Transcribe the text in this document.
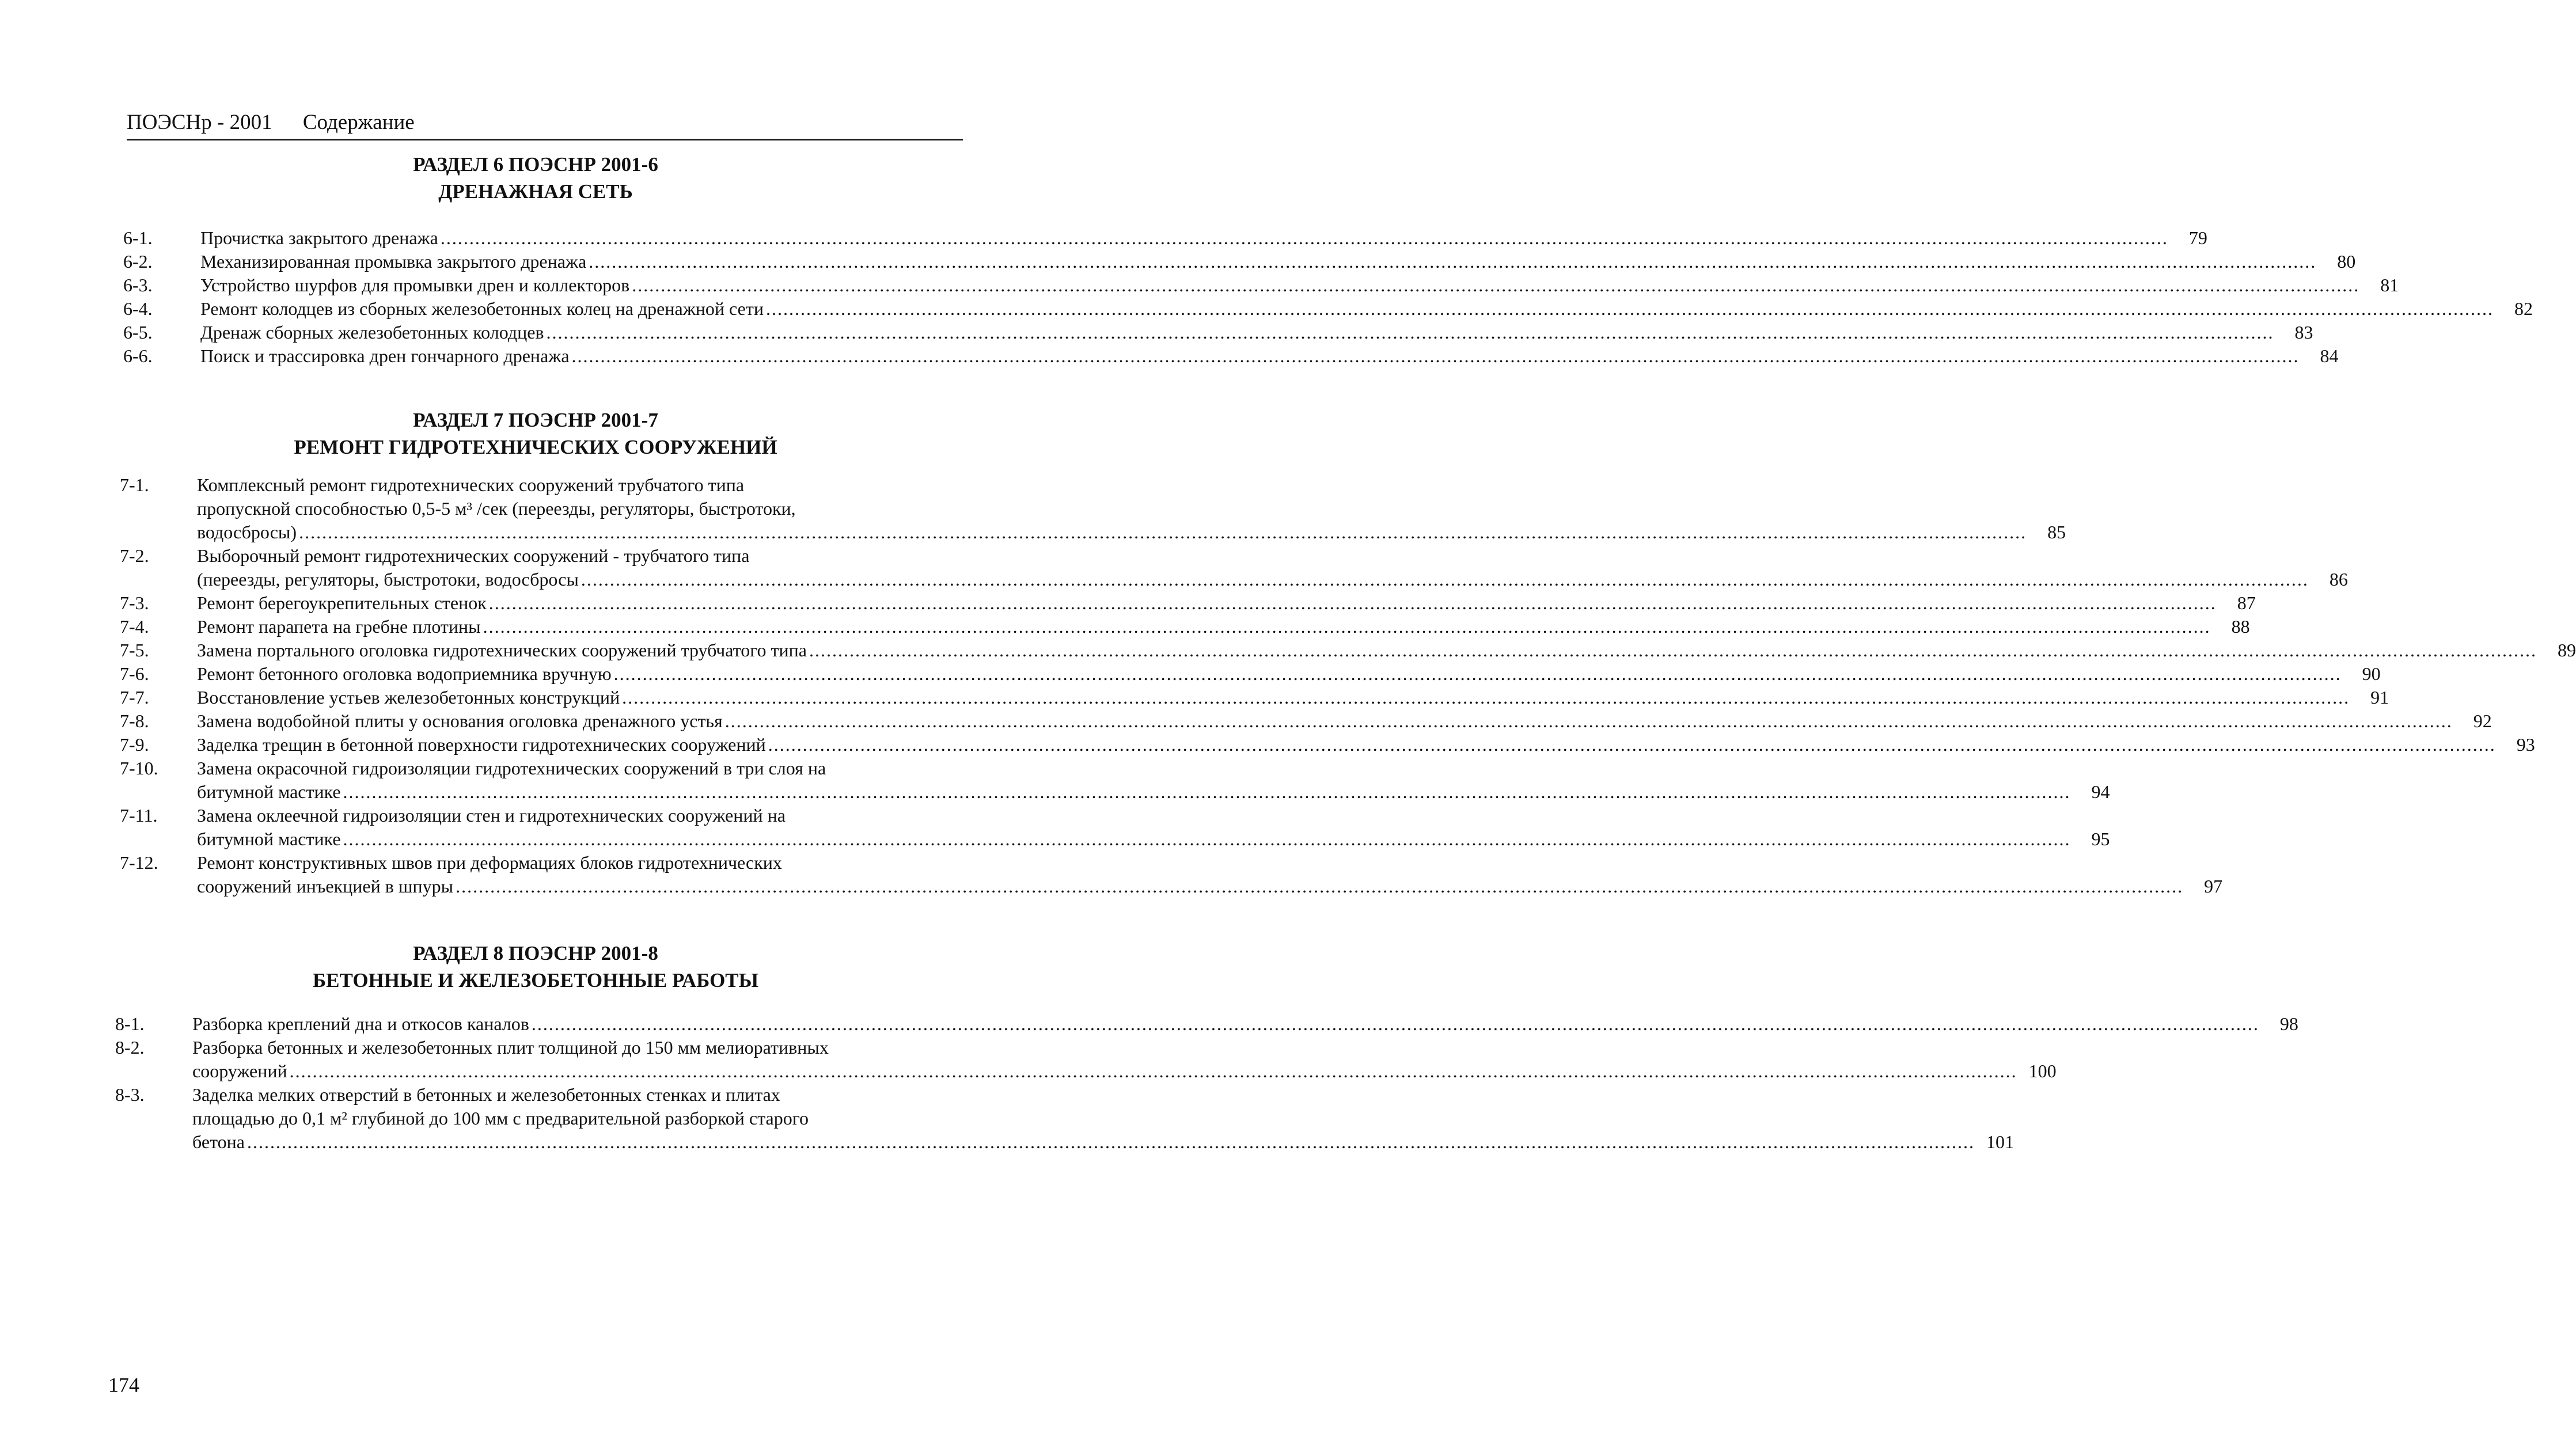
ПОЭСНр - 2001 Содержание
РАЗДЕЛ 6 ПОЭСНР 2001-6
ДРЕНАЖНАЯ СЕТЬ
РАЗДЕЛ 7 ПОЭСНР 2001-7
РЕМОНТ ГИДРОТЕХНИЧЕСКИХ СООРУЖЕНИЙ
РАЗДЕЛ 8 ПОЭСНР 2001-8
БЕТОННЫЕ И ЖЕЛЕЗОБЕТОННЫЕ РАБОТЫ
6-1.	Прочистка закрытого дренажа ............................................................................................................................................................................................................................................................................................................	79
6-2.	Механизированная промывка закрытого дренажа ............................................................................................................................................................................................................................................................................................................	80
6-3.	Устройство шурфов для промывки дрен и коллекторов ............................................................................................................................................................................................................................................................................................................	81
6-4.	Ремонт колодцев из сборных железобетонных колец на дренажной сети ............................................................................................................................................................................................................................................................................................................	82
6-5.	Дренаж сборных железобетонных колодцев ............................................................................................................................................................................................................................................................................................................	83
6-6.	Поиск и трассировка дрен гончарного дренажа ............................................................................................................................................................................................................................................................................................................	84
7-1.	Комплексный ремонт гидротехнических сооружений трубчатого типа
пропускной способностью 0,5-5 м³ /сек (переезды, регуляторы, быстротоки,
водосбросы) ............................................................................................................................................................................................................................................................................................................	85
7-2.	Выборочный ремонт гидротехнических сооружений - трубчатого типа
(переезды, регуляторы, быстротоки, водосбросы ............................................................................................................................................................................................................................................................................................................	86
7-3.	Ремонт берегоукрепительных стенок ............................................................................................................................................................................................................................................................................................................	87
7-4.	Ремонт парапета на гребне плотины ............................................................................................................................................................................................................................................................................................................	88
7-5.	Замена портального оголовка гидротехнических сооружений трубчатого типа ............................................................................................................................................................................................................................................................................................................	89
7-6.	Ремонт бетонного оголовка водоприемника вручную ............................................................................................................................................................................................................................................................................................................	90
7-7.	Восстановление устьев железобетонных конструкций ............................................................................................................................................................................................................................................................................................................	91
7-8.	Замена водобойной плиты у основания оголовка дренажного устья ............................................................................................................................................................................................................................................................................................................	92
7-9.	Заделка трещин в бетонной поверхности гидротехнических сооружений ............................................................................................................................................................................................................................................................................................................	93
7-10. Замена окрасочной гидроизоляции гидротехнических сооружений в три слоя на
битумной мастике ............................................................................................................................................................................................................................................................................................................	94
7-11. Замена оклеечной гидроизоляции стен и гидротехнических сооружений на
битумной мастике ............................................................................................................................................................................................................................................................................................................	95
7-12. Ремонт конструктивных швов при деформациях блоков гидротехнических
сооружений инъекцией в шпуры ............................................................................................................................................................................................................................................................................................................	97
8-1.	Разборка креплений дна и откосов каналов ............................................................................................................................................................................................................................................................................................................	98
8-2.	Разборка бетонных и железобетонных плит толщиной до 150 мм мелиоративных
сооружений ............................................................................................................................................................................................................................................................................................................ 100
8-3.	Заделка мелких отверстий в бетонных и железобетонных стенках и плитах
площадью до 0,1 м² глубиной до 100 мм с предварительной разборкой старого
бетона ............................................................................................................................................................................................................................................................................................................ 101
174
